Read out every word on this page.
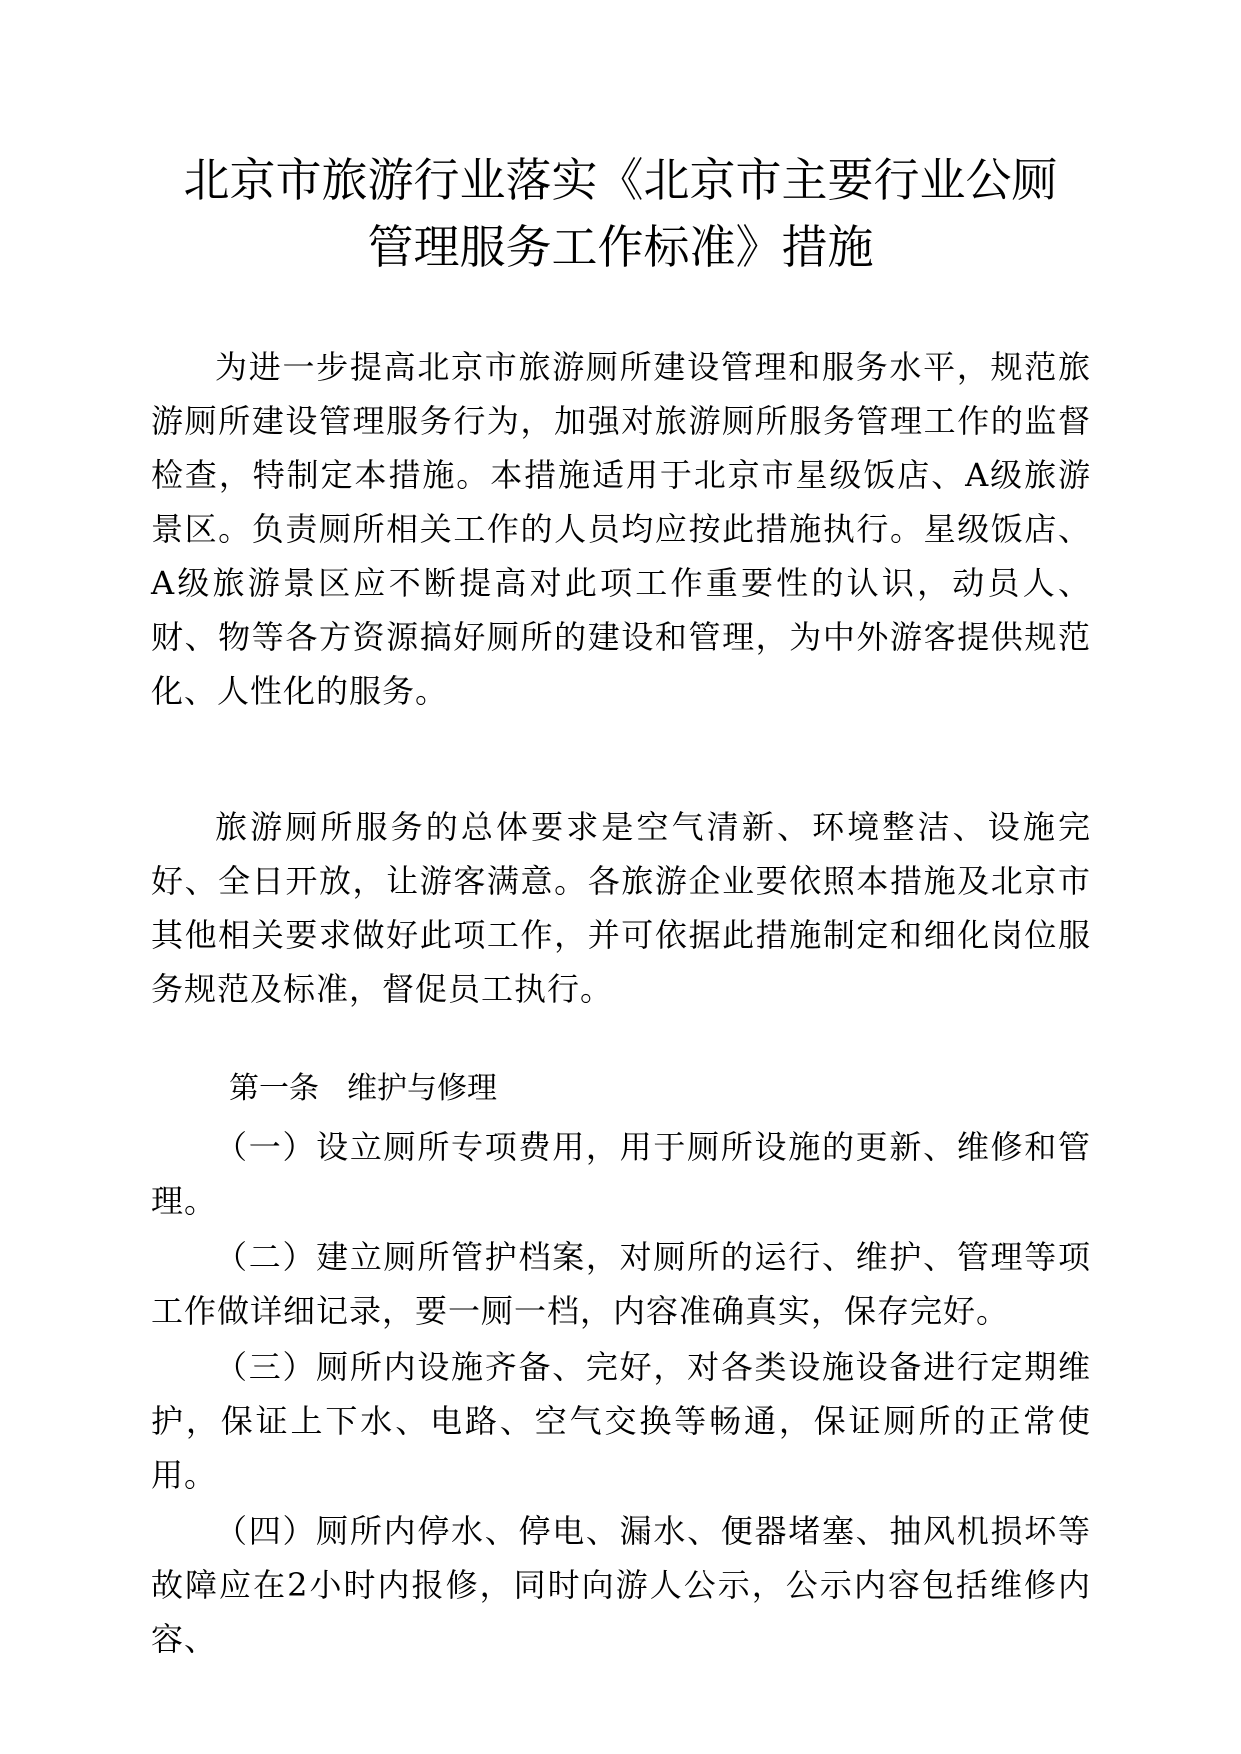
北京市旅游行业落实《北京市主要行业公厕
管理服务工作标准》措施

为进一步提高北京市旅游厕所建设管理和服务水平，规范旅游厕所建设管理服务行为，加强对旅游厕所服务管理工作的监督检查，特制定本措施。本措施适用于北京市星级饭店、A级旅游景区。负责厕所相关工作的人员均应按此措施执行。星级饭店、A级旅游景区应不断提高对此项工作重要性的认识，动员人、财、物等各方资源搞好厕所的建设和管理，为中外游客提供规范化、人性化的服务。

旅游厕所服务的总体要求是空气清新、环境整洁、设施完好、全日开放，让游客满意。各旅游企业要依照本措施及北京市其他相关要求做好此项工作，并可依据此措施制定和细化岗位服务规范及标准，督促员工执行。

第一条 维护与修理

（一）设立厕所专项费用，用于厕所设施的更新、维修和管理。

（二）建立厕所管护档案，对厕所的运行、维护、管理等项工作做详细记录，要一厕一档，内容准确真实，保存完好。

（三）厕所内设施齐备、完好，对各类设施设备进行定期维护，保证上下水、电路、空气交换等畅通，保证厕所的正常使用。

（四）厕所内停水、停电、漏水、便器堵塞、抽风机损坏等故障应在2小时内报修，同时向游人公示，公示内容包括维修内容、
